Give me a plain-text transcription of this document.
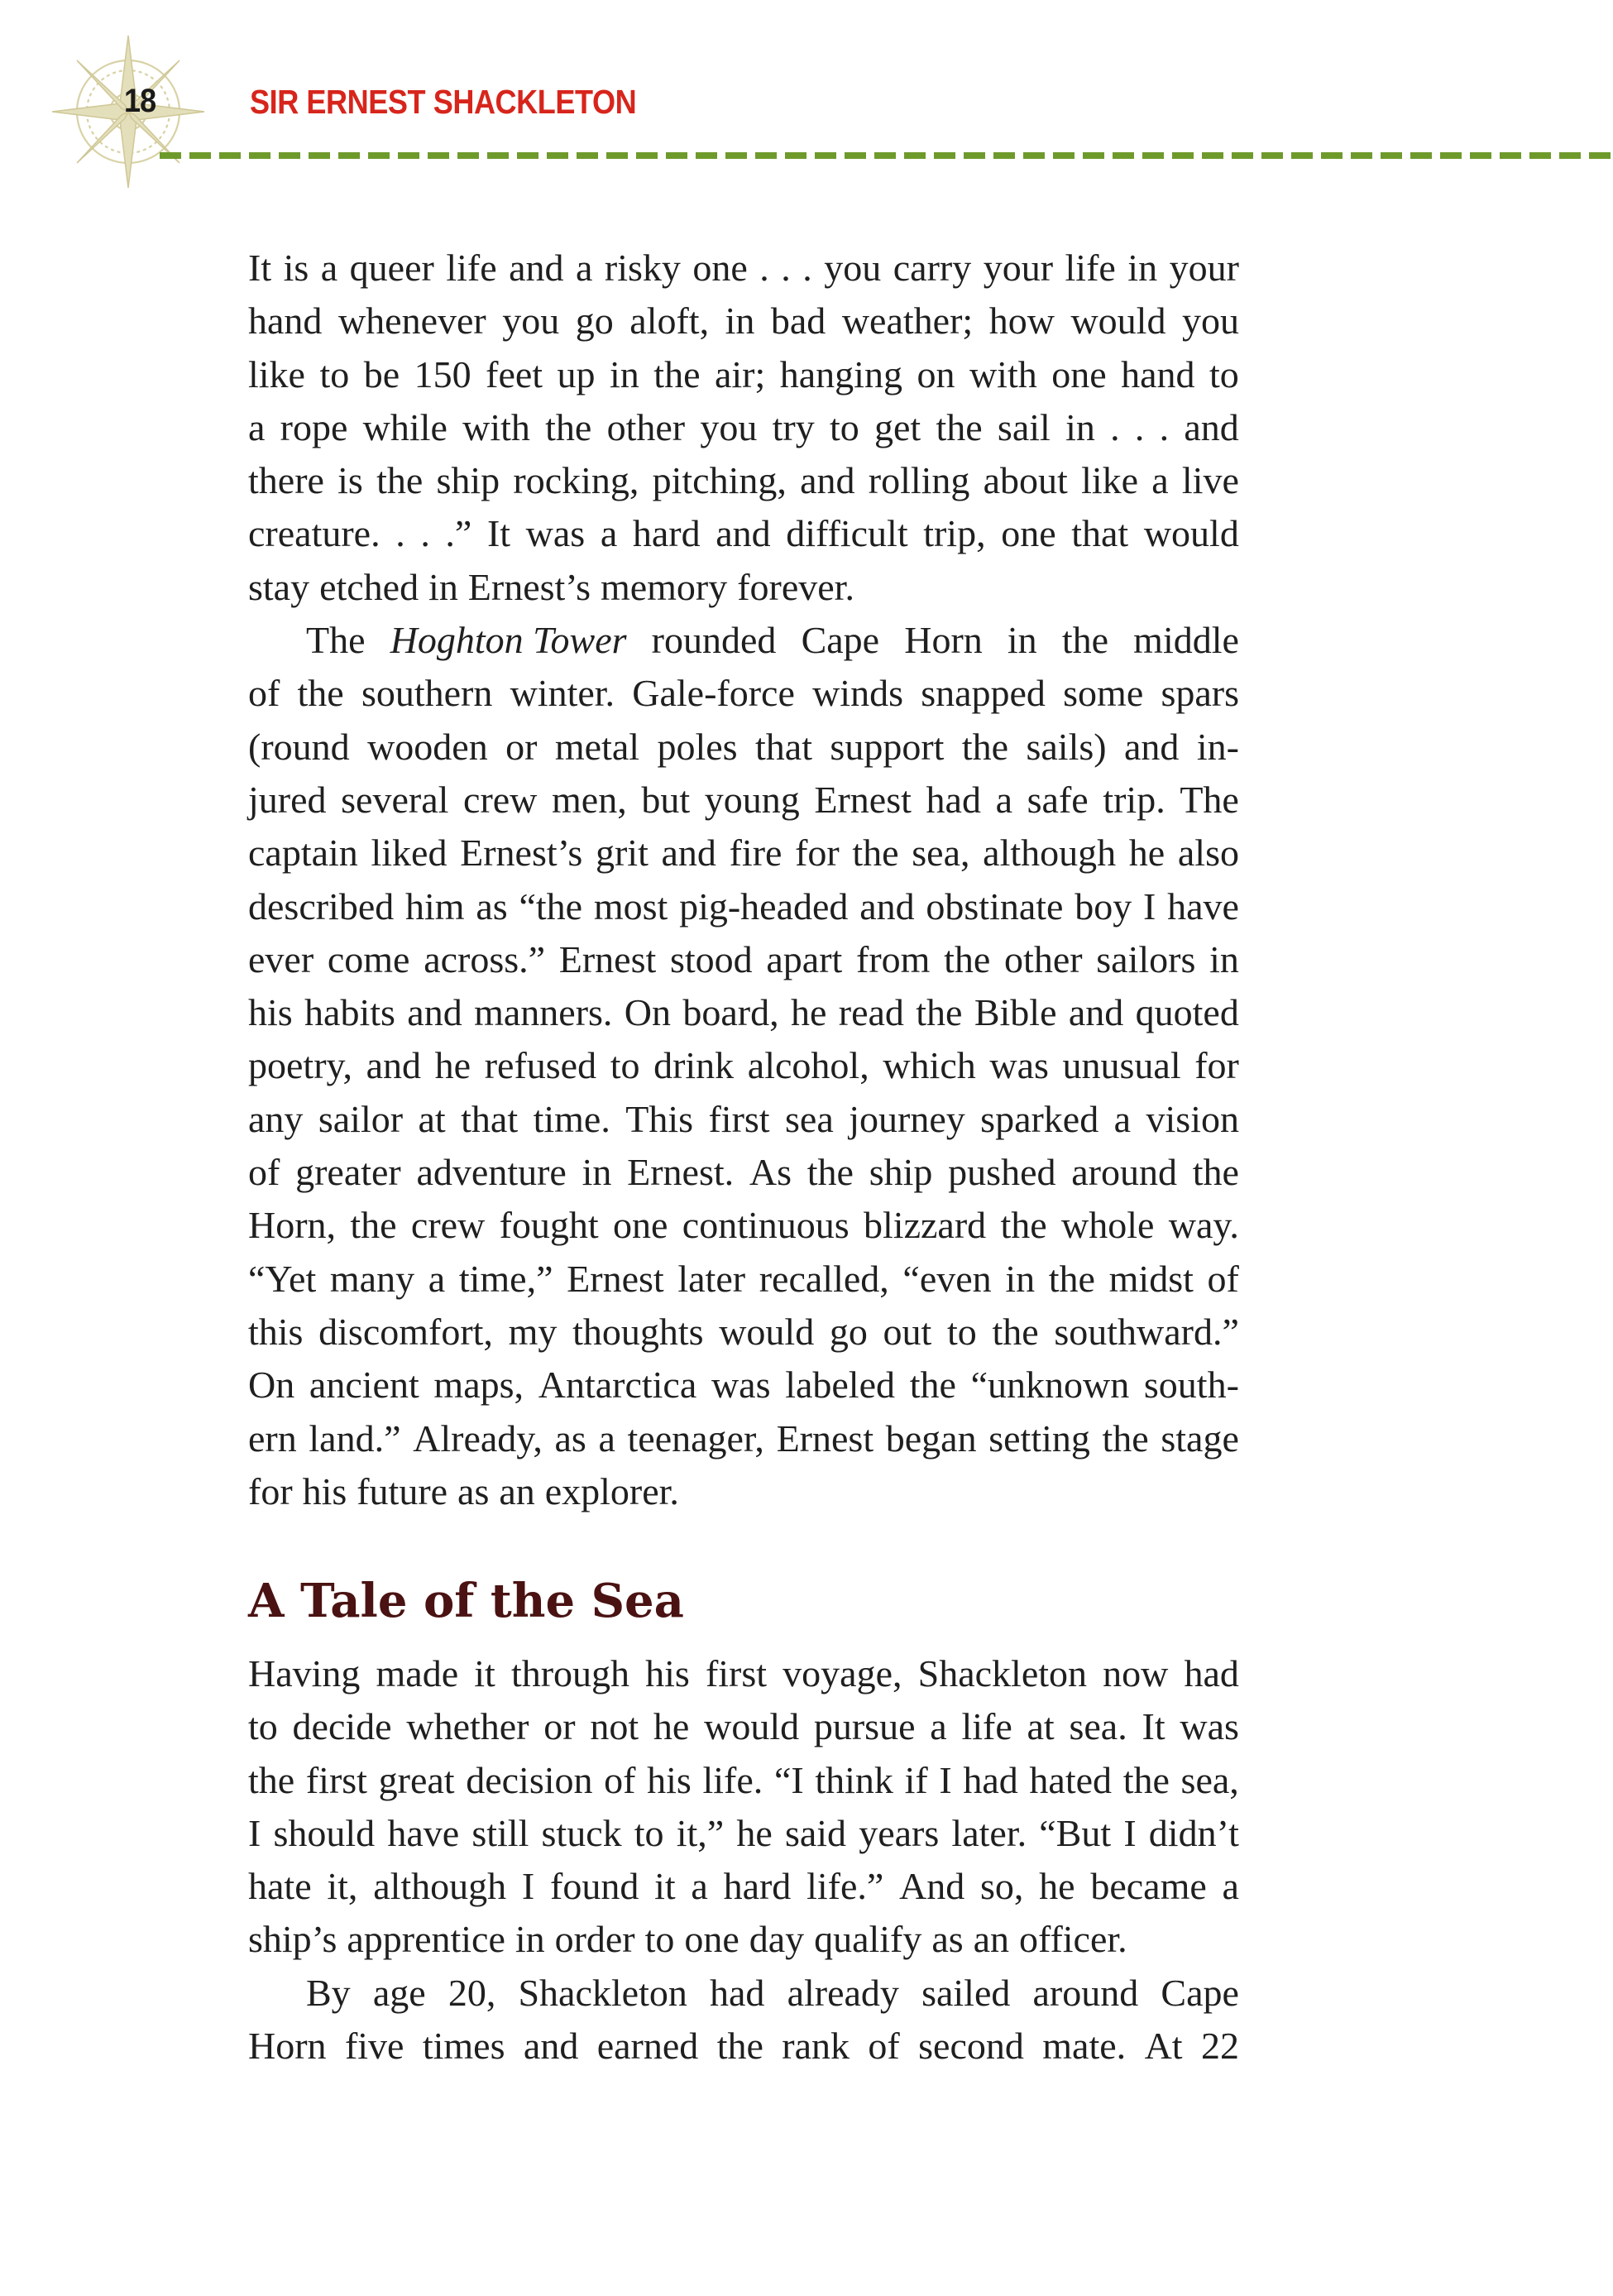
18	SIR ERNEST SHACKLETON
It is a queer life and a risky one . . . you carry your life in your
hand whenever you go aloft, in bad weather; how would you
like to be 150 feet up in the air; hanging on with one hand to
a rope while with the other you try to get the sail in . . . and
there is the ship rocking, pitching, and rolling about like a live
creature. . . .” It was a hard and difficult trip, one that would
stay etched in Ernest’s memory forever.
The Hoghton Tower rounded Cape Horn in the middle
of the southern winter. Gale-force winds snapped some spars
(round wooden or metal poles that support the sails) and in-
jured several crew men, but young Ernest had a safe trip. The
captain liked Ernest’s grit and fire for the sea, although he also
described him as “the most pig-headed and obstinate boy I have
ever come across.” Ernest stood apart from the other sailors in
his habits and manners. On board, he read the Bible and quoted
poetry, and he refused to drink alcohol, which was unusual for
any sailor at that time. This first sea journey sparked a vision
of greater adventure in Ernest. As the ship pushed around the
Horn, the crew fought one continuous blizzard the whole way.
“Yet many a time,” Ernest later recalled, “even in the midst of
this discomfort, my thoughts would go out to the southward.”
On ancient maps, Antarctica was labeled the “unknown south-
ern land.” Already, as a teenager, Ernest began setting the stage
for his future as an explorer.
A Tale of the Sea
Having made it through his first voyage, Shackleton now had
to decide whether or not he would pursue a life at sea. It was
the first great decision of his life. “I think if I had hated the sea,
I should have still stuck to it,” he said years later. “But I didn’t
hate it, although I found it a hard life.” And so, he became a
ship’s apprentice in order to one day qualify as an officer.
By age 20, Shackleton had already sailed around Cape
Horn five times and earned the rank of second mate. At 22
